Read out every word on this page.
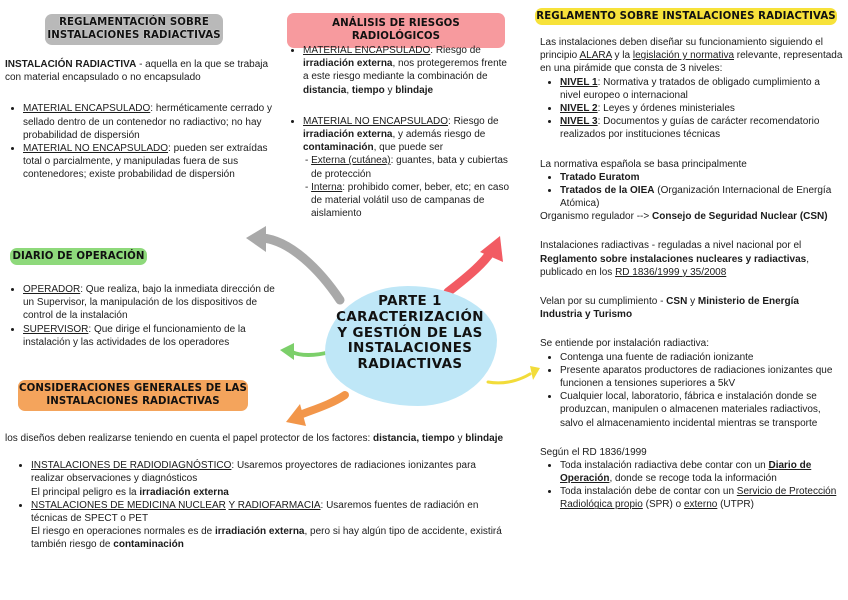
PARTE 1
CARACTERIZACIÓN Y GESTIÓN DE LAS INSTALACIONES RADIACTIVAS
REGLAMENTACIÓN SOBRE INSTALACIONES RADIACTIVAS
INSTALACIÓN RADIACTIVA - aquella en la que se trabaja con material encapsulado o no encapsulado
• MATERIAL ENCAPSULADO: herméticamente cerrado y sellado dentro de un contenedor no radiactivo; no hay probabilidad de dispersión
• MATERIAL NO ENCAPSULADO: pueden ser extraídas total o parcialmente, y manipuladas fuera de sus contenedores; existe probabilidad de dispersión
ANÁLISIS DE RIESGOS RADIOLÓGICOS
• MATERIAL ENCAPSULADO: Riesgo de irradiación externa, nos protegeremos frente a este riesgo mediante la combinación de distancia, tiempo y blindaje
• MATERIAL NO ENCAPSULADO: Riesgo de irradiación externa, y además riesgo de contaminación, que puede ser
- Externa (cutánea): guantes, bata y cubiertas de protección
- Interna: prohibido comer, beber, etc; en caso de material volátil uso de campanas de aislamiento
REGLAMENTO SOBRE INSTALACIONES RADIACTIVAS
Las instalaciones deben diseñar su funcionamiento siguiendo el principio ALARA y la legislación y normativa relevante, representada en una pirámide que consta de 3 niveles:
• NIVEL 1: Normativa y tratados de obligado cumplimiento a nivel europeo o internacional
• NIVEL 2: Leyes y órdenes ministeriales
• NIVEL 3: Documentos y guías de carácter recomendatorio realizados por instituciones técnicas
La normativa española se basa principalmente
• Tratado Euratom
• Tratados de la OIEA (Organización Internacional de Energía Atómica)
Organismo regulador --> Consejo de Seguridad Nuclear (CSN)
Instalaciones radiactivas - reguladas a nivel nacional por el Reglamento sobre instalaciones nucleares y radiactivas, publicado en los RD 1836/1999 y 35/2008
Velan por su cumplimiento - CSN y Ministerio de Energía Industria y Turismo
Se entiende por instalación radiactiva:
• Contenga una fuente de radiación ionizante
• Presente aparatos productores de radiaciones ionizantes que funcionen a tensiones superiores a 5kV
• Cualquier local, laboratorio, fábrica e instalación donde se produzcan, manipulen o almacenen materiales radiactivos, salvo el almacenamiento incidental mientras se transporte
Según el RD 1836/1999
• Toda instalación radiactiva debe contar con un Diario de Operación, donde se recoge toda la información
• Toda instalación debe de contar con un Servicio de Protección Radiológica propio (SPR) o externo (UTPR)
DIARIO DE OPERACIÓN
• OPERADOR: Que realiza, bajo la inmediata dirección de un Supervisor, la manipulación de los dispositivos de control de la instalación
• SUPERVISOR: Que dirige el funcionamiento de la instalación y las actividades de los operadores
CONSIDERACIONES GENERALES DE LAS INSTALACIONES RADIACTIVAS
los diseños deben realizarse teniendo en cuenta el papel protector de los factores: distancia, tiempo y blindaje
• INSTALACIONES DE RADIODIAGNÓSTICO: Usaremos proyectores de radiaciones ionizantes para realizar observaciones y diagnósticos
El principal peligro es la irradiación externa
• NSTALACIONES DE MEDICINA NUCLEAR Y RADIOFARMACIA: Usaremos fuentes de radiación en técnicas de SPECT o PET
El riesgo en operaciones normales es de irradiación externa, pero si hay algún tipo de accidente, existirá también riesgo de contaminación
